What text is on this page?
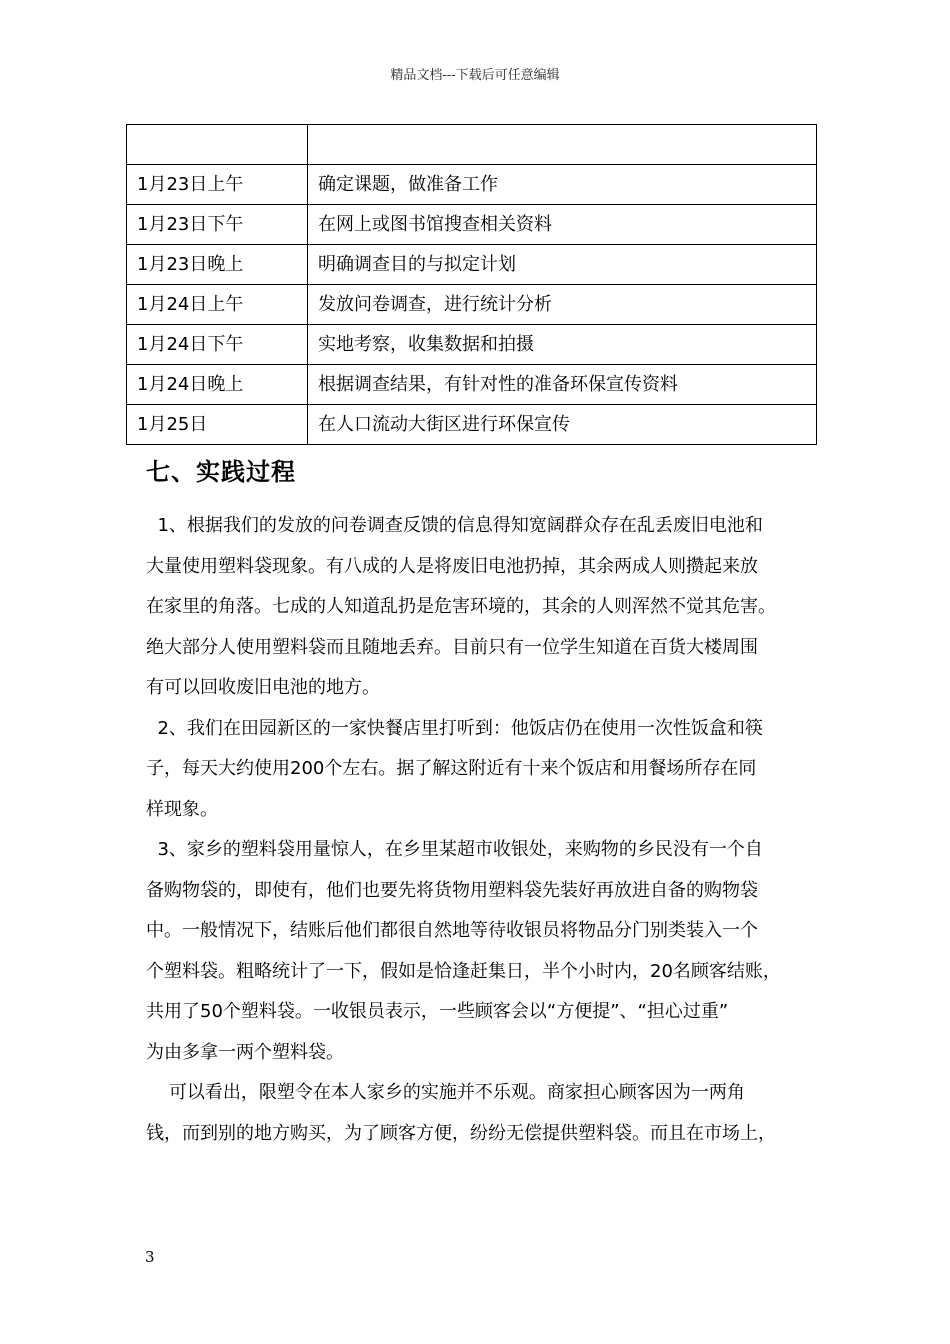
精品文档---下载后可任意编辑

1月23日上午	确定课题，做准备工作
1月23日下午	在网上或图书馆搜查相关资料
1月23日晚上	明确调查目的与拟定计划
1月24日上午	发放问卷调查，进行统计分析
1月24日下午	实地考察，收集数据和拍摄
1月24日晚上	根据调查结果，有针对性的准备环保宣传资料
1月25日	在人口流动大街区进行环保宣传
七、实践过程

1、根据我们的发放的问卷调查反馈的信息得知宽阔群众存在乱丢废旧电池和
大量使用塑料袋现象。有八成的人是将废旧电池扔掉，其余两成人则攒起来放
在家里的角落。七成的人知道乱扔是危害环境的，其余的人则浑然不觉其危害。
绝大部分人使用塑料袋而且随地丢弃。目前只有一位学生知道在百货大楼周围
有可以回收废旧电池的地方。

2、我们在田园新区的一家快餐店里打听到：他饭店仍在使用一次性饭盒和筷
子，每天大约使用200个左右。据了解这附近有十来个饭店和用餐场所存在同
样现象。

3、家乡的塑料袋用量惊人，在乡里某超市收银处，来购物的乡民没有一个自
备购物袋的，即使有，他们也要先将货物用塑料袋先装好再放进自备的购物袋
中。一般情况下，结账后他们都很自然地等待收银员将物品分门别类装入一个
个塑料袋。粗略统计了一下，假如是恰逢赶集日，半个小时内，20名顾客结账，
共用了50个塑料袋。一收银员表示，一些顾客会以“方便提”、“担心过重”
为由多拿一两个塑料袋。

可以看出，限塑令在本人家乡的实施并不乐观。商家担心顾客因为一两角
钱，而到别的地方购买，为了顾客方便，纷纷无偿提供塑料袋。而且在市场上，

3
